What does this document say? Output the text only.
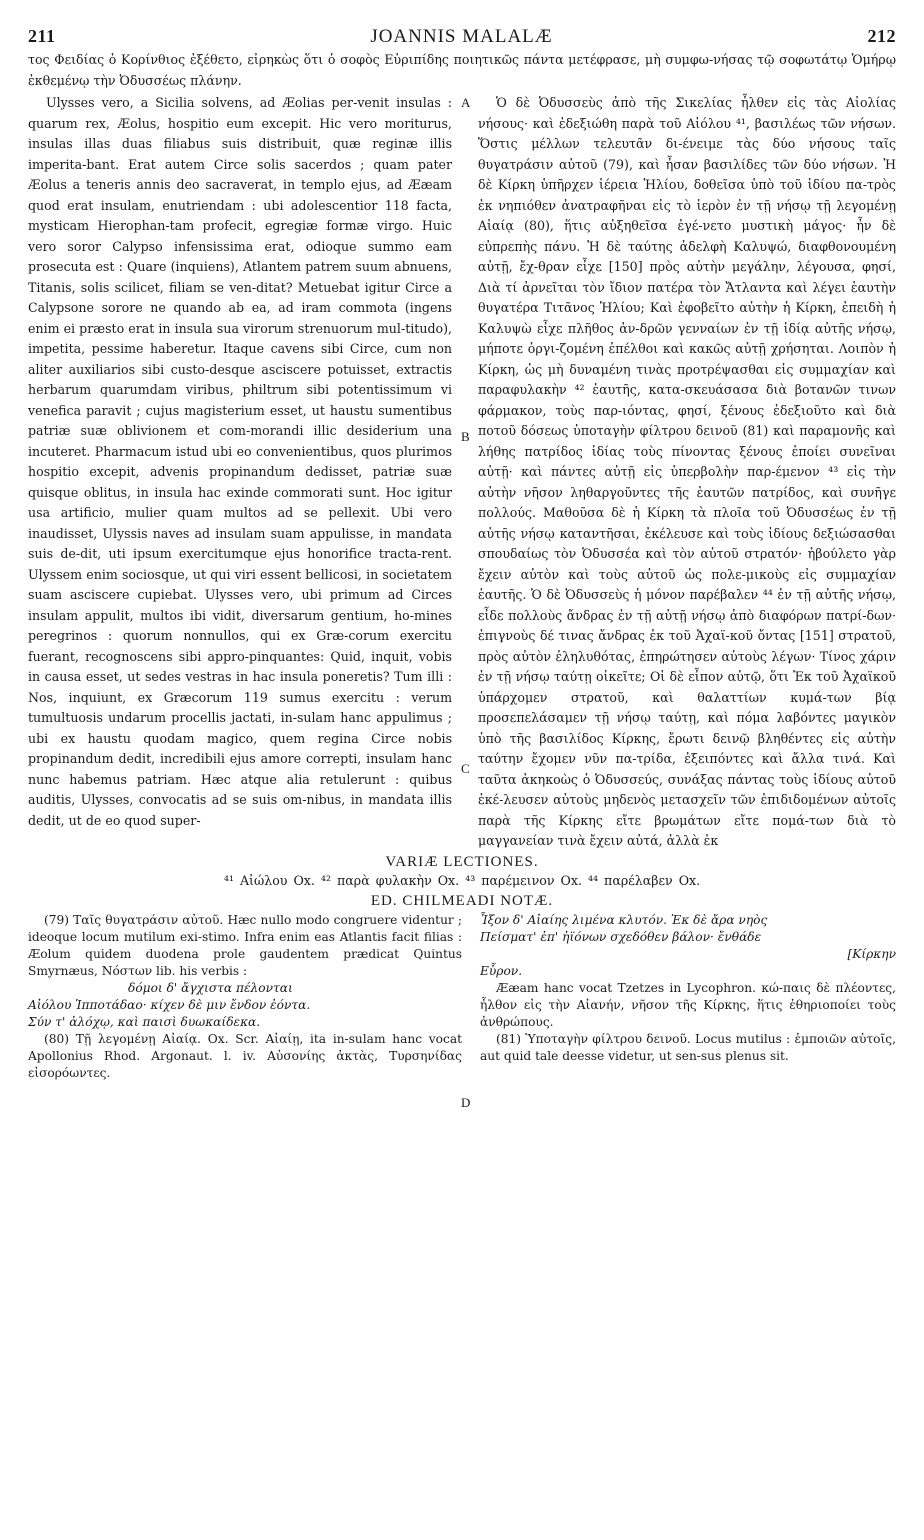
211	JOANNIS MALALÆ	212

τος Φειδίας ὁ Κορίνθιος ἐξέθετο, εἰρηκὼς ὅτι ὁ σοφὸς Εὐριπίδης ποιητικῶς πάντα μετέφρασε, μὴ συμφω-νήσας τῷ σοφωτάτῳ Ὁμήρῳ ἐκθεμένῳ τὴν Ὀδυσσέως πλάνην.

Ulysses vero, a Sicilia solvens, ad Æolias per-venit insulas : quarum rex, Æolus, hospitio eum excepit. Hic vero moriturus, insulas illas duas filiabus suis distribuit, quæ reginæ illis imperita-bant. Erat autem Circe solis sacerdos ; quam pater Æolus a teneris annis deo sacraverat, in templo ejus, ad Ææam quod erat insulam, enutriendam : ubi adolescentior 118 facta, mysticam Hierophan-tam profecit, egregiæ formæ virgo. Huic vero soror Calypso infensissima erat, odioque summo eam prosecuta est : Quare (inquiens), Atlantem patrem suum abnuens, Titanis, solis scilicet, filiam se ven-ditat? Metuebat igitur Circe a Calypsone sorore ne quando ab ea, ad iram commota (ingens enim ei præsto erat in insula sua virorum strenuorum mul-titudo), impetita, pessime haberetur. Itaque cavens sibi Circe, cum non aliter auxiliarios sibi custo-desque asciscere potuisset, extractis herbarum quarumdam viribus, philtrum sibi potentissimum vi venefica paravit ; cujus magisterium esset, ut haustu sumentibus patriæ suæ oblivionem et com-morandi illic desiderium una incuteret. Pharmacum istud ubi eo convenientibus, quos plurimos hospitio excepit, advenis propinandum dedisset, patriæ suæ quisque oblitus, in insula hac exinde commorati sunt. Hoc igitur usa artificio, mulier quam multos ad se pellexit. Ubi vero inaudisset, Ulyssis naves ad insulam suam appulisse, in mandata suis de-dit, uti ipsum exercitumque ejus honorifice tracta-rent. Ulyssem enim sociosque, ut qui viri essent bellicosi, in societatem suam asciscere cupiebat. Ulysses vero, ubi primum ad Circes insulam appulit, multos ibi vidit, diversarum gentium, ho-mines peregrinos : quorum nonnullos, qui ex Græ-corum exercitu fuerant, recognoscens sibi appro-pinquantes: Quid, inquit, vobis in causa esset, ut sedes vestras in hac insula poneretis? Tum illi : Nos, inquiunt, ex Græcorum 119 sumus exercitu : verum tumultuosis undarum procellis jactati, in-sulam hanc appulimus ; ubi ex haustu quodam magico, quem regina Circe nobis propinandum dedit, incredibili ejus amore correpti, insulam hanc nunc habemus patriam. Hæc atque alia retulerunt : quibus auditis, Ulysses, convocatis ad se suis om-nibus, in mandata illis dedit, ut de eo quod super-

A
B
C
D

Ὁ δὲ Ὀδυσσεὺς ἀπὸ τῆς Σικελίας ἦλθεν εἰς τὰς Αἰολίας νήσους· καὶ ἐδεξιώθη παρὰ τοῦ Αἰόλου ⁴¹, βασιλέως τῶν νήσων. Ὅστις μέλλων τελευτᾶν δι-ένειμε τὰς δύο νήσους ταῖς θυγατράσιν αὐτοῦ (79), καὶ ἦσαν βασιλίδες τῶν δύο νήσων. Ἡ δὲ Κίρκη ὑπῆρχεν ἱέρεια Ἡλίου, δοθεῖσα ὑπὸ τοῦ ἰδίου πα-τρὸς ἐκ νηπιόθεν ἀνατραφῆναι εἰς τὸ ἱερὸν ἐν τῇ νήσῳ τῇ λεγομένῃ Αἰαίᾳ (80), ἥτις αὐξηθεῖσα ἐγέ-νετο μυστικὴ μάγος· ἦν δὲ εὐπρεπὴς πάνυ. Ἡ δὲ ταύτης ἀδελφὴ Καλυψώ, διαφθονουμένη αὐτῇ, ἔχ-θραν εἶχε [150] πρὸς αὐτὴν μεγάλην, λέγουσα, φησί, Διὰ τί ἀρνεῖται τὸν ἴδιον πατέρα τὸν Ἄτλαντα καὶ λέγει ἑαυτὴν θυγατέρα Τιτᾶνος Ἡλίου; Καὶ ἐφοβεῖτο αὐτὴν ἡ Κίρκη, ἐπειδὴ ἡ Καλυψὼ εἶχε πλῆθος ἀν-δρῶν γενναίων ἐν τῇ ἰδίᾳ αὐτῆς νήσῳ, μήποτε ὀργι-ζομένη ἐπέλθοι καὶ κακῶς αὐτῇ χρήσηται. Λοιπὸν ἡ Κίρκη, ὡς μὴ δυναμένη τινὰς προτρέψασθαι εἰς συμμαχίαν καὶ παραφυλακὴν ⁴² ἑαυτῆς, κατα-σκευάσασα διὰ βοτανῶν τινων φάρμακον, τοὺς παρ-ιόντας, φησί, ξένους ἐδεξιοῦτο καὶ διὰ ποτοῦ δόσεως ὑποταγὴν φίλτρου δεινοῦ (81) καὶ παραμονῆς καὶ λήθης πατρίδος ἰδίας τοὺς πίνοντας ξένους ἐποίει συνεῖναι αὐτῇ· καὶ πάντες αὐτῇ εἰς ὑπερβολὴν παρ-έμενον ⁴³ εἰς τὴν αὐτὴν νῆσον ληθαργοῦντες τῆς ἑαυτῶν πατρίδος, καὶ συνῆγε πολλούς. Μαθοῦσα δὲ ἡ Κίρκη τὰ πλοῖα τοῦ Ὀδυσσέως ἐν τῇ αὐτῆς νήσῳ καταντῆσαι, ἐκέλευσε καὶ τοὺς ἰδίους δεξιώσασθαι σπουδαίως τὸν Ὀδυσσέα καὶ τὸν αὐτοῦ στρατόν· ἠβούλετο γὰρ ἔχειν αὐτὸν καὶ τοὺς αὐτοῦ ὡς πολε-μικοὺς εἰς συμμαχίαν ἑαυτῆς. Ὁ δὲ Ὀδυσσεὺς ἡ μόνον παρέβαλεν ⁴⁴ ἐν τῇ αὐτῆς νήσῳ, εἶδε πολλοὺς ἄνδρας ἐν τῇ αὐτῇ νήσῳ ἀπὸ διαφόρων πατρί-δων· ἐπιγνοὺς δέ τινας ἄνδρας ἐκ τοῦ Ἀχαϊ-κοῦ ὄντας [151] στρατοῦ, πρὸς αὐτὸν ἐληλυθότας, ἐπηρώτησεν αὐτοὺς λέγων· Τίνος χάριν ἐν τῇ νήσῳ ταύτῃ οἰκεῖτε; Οἱ δὲ εἶπον αὐτῷ, ὅτι Ἐκ τοῦ Ἀχαϊκοῦ ὑπάρχομεν στρατοῦ, καὶ θαλαττίων κυμά-των βίᾳ προσεπελάσαμεν τῇ νήσῳ ταύτῃ, καὶ πόμα λαβόντες μαγικὸν ὑπὸ τῆς βασιλίδος Κίρκης, ἔρωτι δεινῷ βληθέντες εἰς αὐτὴν ταύτην ἔχομεν νῦν πα-τρίδα, ἐξειπόντες καὶ ἄλλα τινά. Καὶ ταῦτα ἀκηκοὼς ὁ Ὀδυσσεύς, συνάξας πάντας τοὺς ἰδίους αὐτοῦ ἐκέ-λευσεν αὐτοὺς μηδενὸς μετασχεῖν τῶν ἐπιδιδομένων αὐτοῖς παρὰ τῆς Κίρκης εἴτε βρωμάτων εἴτε πομά-των διὰ τὸ μαγγανείαν τινὰ ἔχειν αὐτά, ἀλλὰ ἐκ

VARIÆ LECTIONES.
⁴¹ Αἰώλου Ox. ⁴² παρὰ φυλακὴν Ox. ⁴³ παρέμεινον Ox. ⁴⁴ παρέλαβεν Ox.
ED. CHILMEADI NOTÆ.

(79) Ταῖς θυγατράσιν αὐτοῦ. Hæc nullo modo congruere videntur ; ideoque locum mutilum exi-stimo. Infra enim eas Atlantis facit filias : Æolum quidem duodena prole gaudentem prædicat Quintus Smyrnæus, Νόστων lib. his verbis :

δόμοι δ' ἄγχιστα πέλονται

Αἰόλου Ἱπποτάδαο· κίχεν δὲ μιν ἔνδον ἐόντα.

Σύν τ' ἀλόχῳ, καὶ παισὶ δυωκαίδεκα.

(80) Τῇ λεγομένῃ Αἰαίᾳ. Ox. Scr. Αἰαίῃ, ita in-sulam hanc vocat Apollonius Rhod. Argonaut. l. iv. Αὐσονίης ἀκτὰς, Τυρσηνίδας εἰσορόωντες.

Ἶξον δ' Αἰαίης λιμένα κλυτόν. Ἐκ δὲ ἄρα νηὸς

Πείσματ' ἐπ' ἠϊόνων σχεδόθεν βάλον· ἔνθάδε

[Κίρκην

Εὗρον.

Ææam hanc vocat Tzetzes in Lycophron. κώ-παις δὲ πλέοντες, ἦλθον εἰς τὴν Αἰανήν, νῆσον τῆς Κίρκης, ἥτις ἐθηριοποίει τοὺς ἀνθρώπους.

(81) Ὑποταγὴν φίλτρου δεινοῦ. Locus mutilus : ἐμποιῶν αὐτοῖς, aut quid tale deesse videtur, ut sen-sus plenus sit.
